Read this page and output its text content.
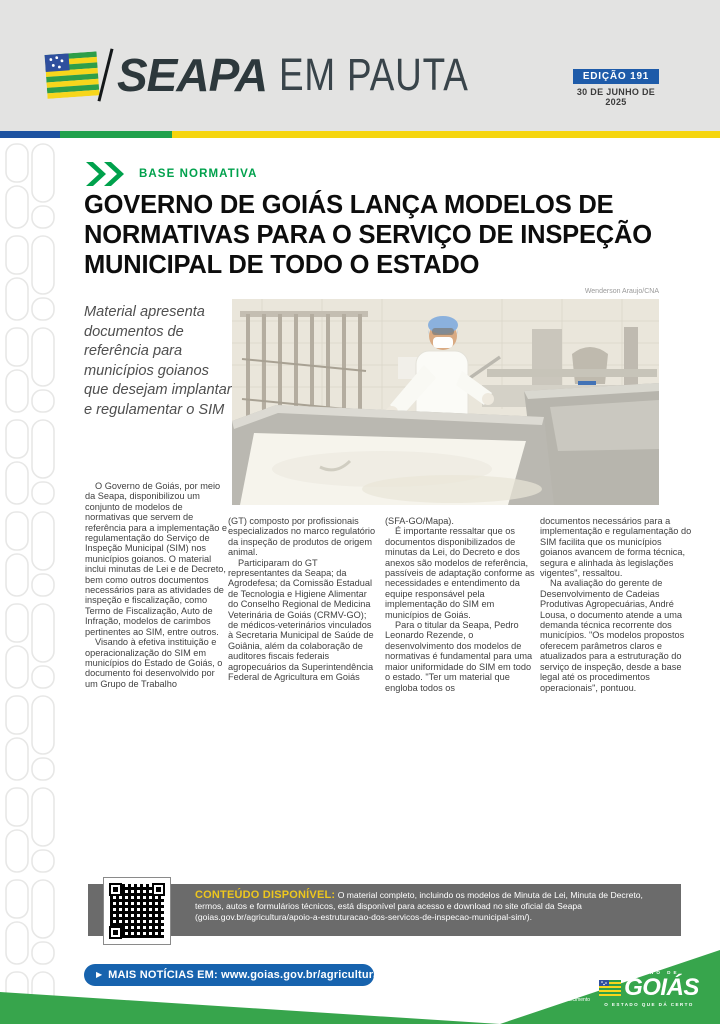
SEAPA EM PAUTA	EDIÇÃO 191
30 DE JUNHO DE 2025
BASE NORMATIVA
GOVERNO DE GOIÁS LANÇA MODELOS DE NORMATIVAS PARA O SERVIÇO DE INSPEÇÃO MUNICIPAL DE TODO O ESTADO
Wenderson Araujo/CNA

Material apresenta documentos de referência para municípios goianos que desejam implantar e regulamentar o SIM

O Governo de Goiás, por meio da Seapa, disponibilizou um conjunto de modelos de normativas que servem de referência para a implementação e regulamentação do Serviço de Inspeção Municipal (SIM) nos municípios goianos. O material inclui minutas de Lei e de Decreto, bem como outros documentos necessários para as atividades de inspeção e fiscalização, como Termo de Fiscalização, Auto de Infração, modelos de carimbos pertinentes ao SIM, entre outros.

Visando à efetiva instituição e operacionalização do SIM em municípios do Estado de Goiás, o documento foi desenvolvido por um Grupo de Trabalho

(GT) composto por profissionais especializados no marco regulatório da inspeção de produtos de origem animal.

Participaram do GT representantes da Seapa; da Agrodefesa; da Comissão Estadual de Tecnologia e Higiene Alimentar do Conselho Regional de Medicina Veterinária de Goiás (CRMV-GO); de médicos-veterinários vinculados à Secretaria Municipal de Saúde de Goiânia, além da colaboração de auditores fiscais federais agropecuários da Superintendência Federal de Agricultura em Goiás

(SFA-GO/Mapa).

É importante ressaltar que os documentos disponibilizados de minutas da Lei, do Decreto e dos anexos são modelos de referência, passíveis de adaptação conforme as necessidades e entendimento da equipe responsável pela implementação do SIM em municípios de Goiás.

Para o titular da Seapa, Pedro Leonardo Rezende, o desenvolvimento dos modelos de normativas é fundamental para uma maior uniformidade do SIM em todo o estado. "Ter um material que engloba todos os

documentos necessários para a implementação e regulamentação do SIM facilita que os municípios goianos avancem de forma técnica, segura e alinhada às legislações vigentes", ressaltou.

Na avaliação do gerente de Desenvolvimento de Cadeias Produtivas Agropecuárias, André Lousa, o documento atende a uma demanda técnica recorrente dos municípios. "Os modelos propostos oferecem parâmetros claros e atualizados para a estruturação do serviço de inspeção, desde a base legal até os procedimentos operacionais", pontuou.

CONTEÚDO DISPONÍVEL: O material completo, incluindo os modelos de Minuta de Lei, Minuta de Decreto, termos, autos e formulários técnicos, está disponível para acesso e download no site oficial da Seapa (goias.gov.br/agricultura/apoio-a-estruturacao-dos-servicos-de-inspecao-municipal-sim/).

▶ MAIS NOTÍCIAS EM: www.goias.gov.br/agricultura	SEAPA
Secretaria de Estado de Agricultura, Pecuária e Abastecimento
GOVERNO DE
GOIÁS
O ESTADO QUE DÁ CERTO
